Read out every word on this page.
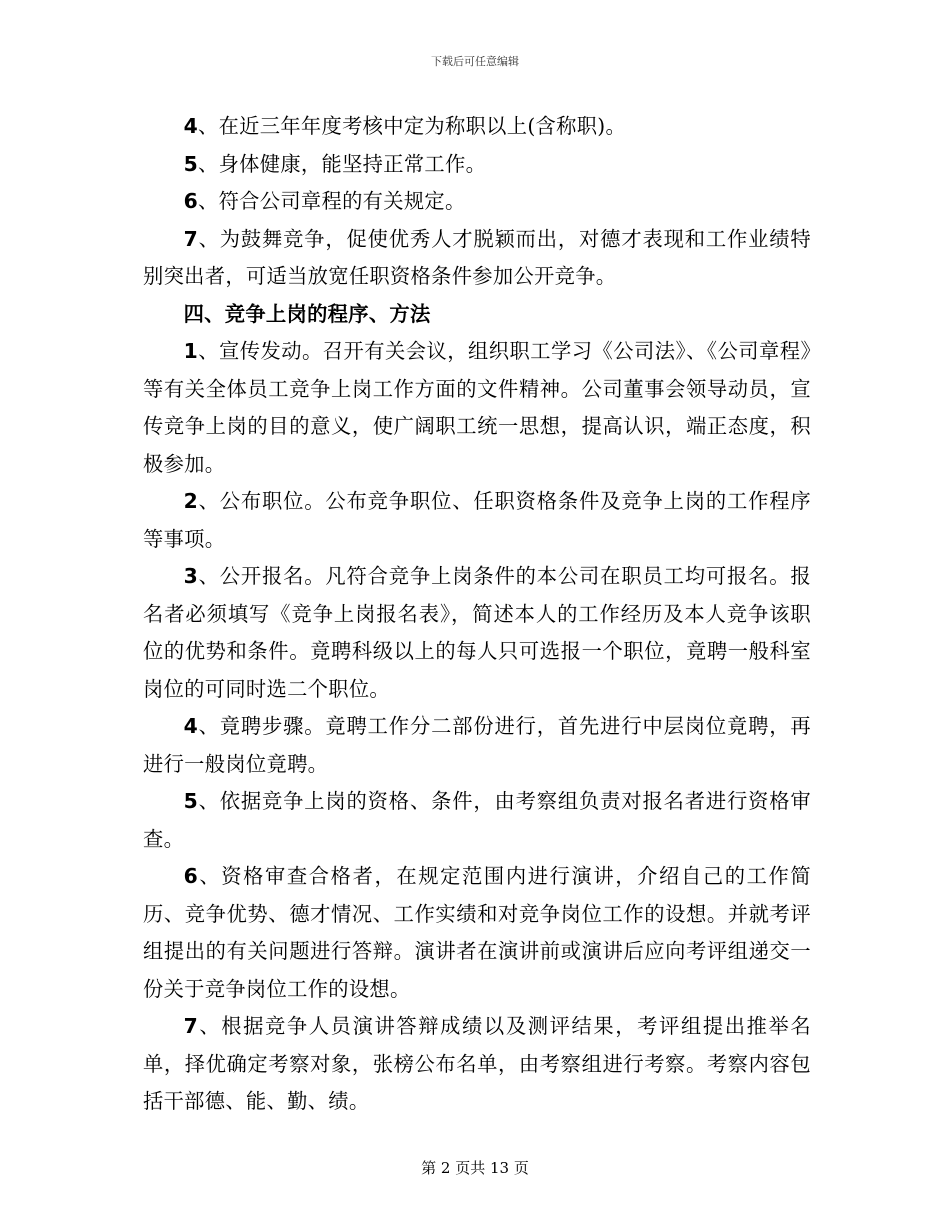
下载后可任意编辑

4、在近三年年度考核中定为称职以上(含称职)。

5、身体健康，能坚持正常工作。

6、符合公司章程的有关规定。

7、为鼓舞竞争，促使优秀人才脱颖而出，对德才表现和工作业绩特别突出者，可适当放宽任职资格条件参加公开竞争。

四、竞争上岗的程序、方法

1、宣传发动。召开有关会议，组织职工学习《公司法》、《公司章程》等有关全体员工竞争上岗工作方面的文件精神。公司董事会领导动员，宣传竞争上岗的目的意义，使广阔职工统一思想，提高认识，端正态度，积极参加。

2、公布职位。公布竞争职位、任职资格条件及竞争上岗的工作程序等事项。

3、公开报名。凡符合竞争上岗条件的本公司在职员工均可报名。报名者必须填写《竞争上岗报名表》，简述本人的工作经历及本人竞争该职位的优势和条件。竟聘科级以上的每人只可选报一个职位，竟聘一般科室岗位的可同时选二个职位。

4、竟聘步骤。竟聘工作分二部份进行，首先进行中层岗位竟聘，再进行一般岗位竟聘。

5、依据竞争上岗的资格、条件，由考察组负责对报名者进行资格审查。

6、资格审查合格者，在规定范围内进行演讲，介绍自己的工作简历、竞争优势、德才情况、工作实绩和对竞争岗位工作的设想。并就考评组提出的有关问题进行答辩。演讲者在演讲前或演讲后应向考评组递交一份关于竞争岗位工作的设想。

7、根据竞争人员演讲答辩成绩以及测评结果，考评组提出推举名单，择优确定考察对象，张榜公布名单，由考察组进行考察。考察内容包括干部德、能、勤、绩。

第 2 页共 13 页
